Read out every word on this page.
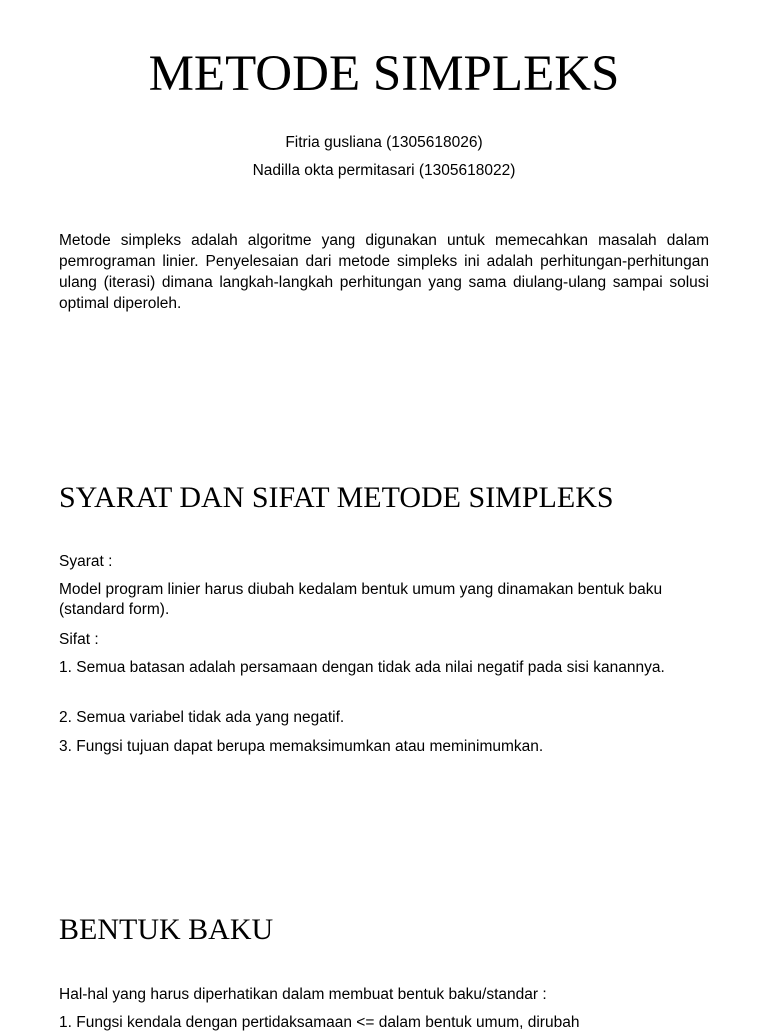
METODE SIMPLEKS
Fitria gusliana (1305618026)
Nadilla okta permitasari (1305618022)

Metode simpleks adalah algoritme yang digunakan untuk memecahkan masalah dalam pemrograman linier. Penyelesaian dari metode simpleks ini adalah perhitungan-perhitungan ulang (iterasi) dimana langkah-langkah perhitungan yang sama diulang-ulang sampai solusi optimal diperoleh.

SYARAT DAN SIFAT METODE SIMPLEKS

Syarat :

Model program linier harus diubah kedalam bentuk umum yang dinamakan bentuk baku (standard form).

Sifat :

1. Semua batasan adalah persamaan dengan tidak ada nilai negatif pada sisi kanannya.

2. Semua variabel tidak ada yang negatif.

3. Fungsi tujuan dapat berupa memaksimumkan atau meminimumkan.

BENTUK BAKU

Hal-hal yang harus diperhatikan dalam membuat bentuk baku/standar :

1. Fungsi kendala dengan pertidaksamaan <= dalam bentuk umum, dirubah
